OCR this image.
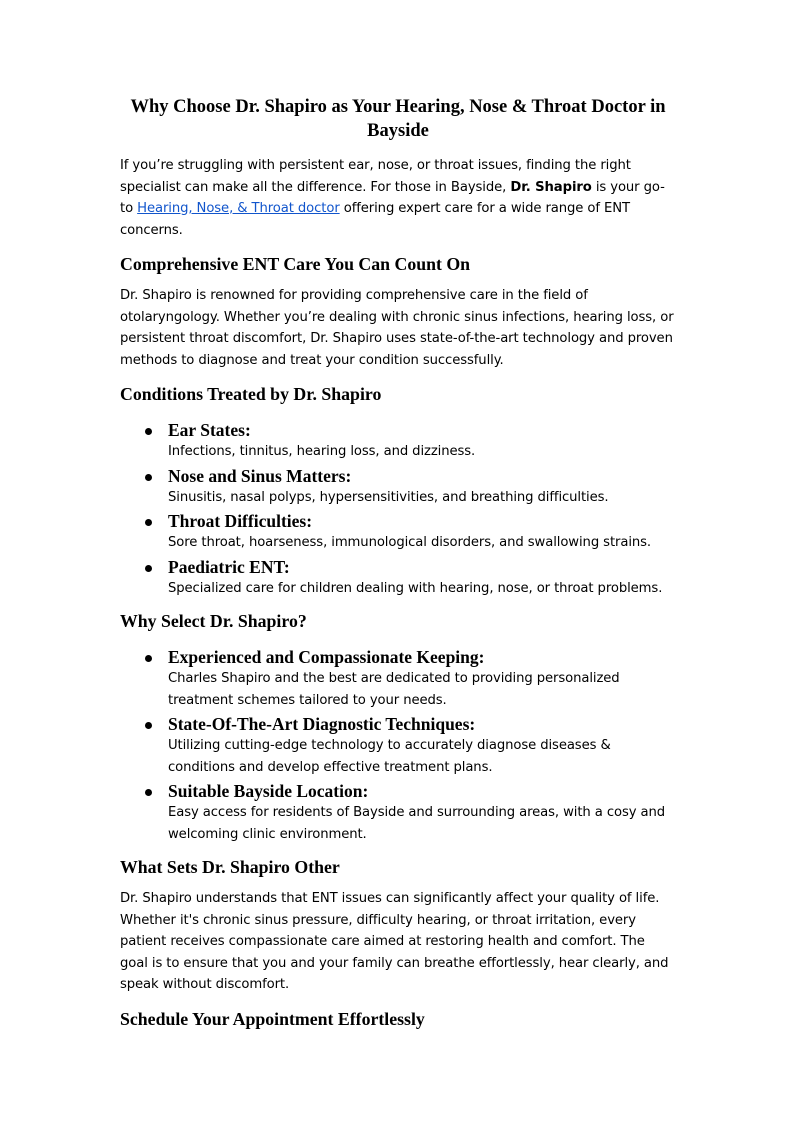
Why Choose Dr. Shapiro as Your Hearing, Nose & Throat Doctor in Bayside

If you’re struggling with persistent ear, nose, or throat issues, finding the right specialist can make all the difference. For those in Bayside, Dr. Shapiro is your go-to Hearing, Nose, & Throat doctor offering expert care for a wide range of ENT concerns.

Comprehensive ENT Care You Can Count On

Dr. Shapiro is renowned for providing comprehensive care in the field of otolaryngology. Whether you’re dealing with chronic sinus infections, hearing loss, or persistent throat discomfort, Dr. Shapiro uses state-of-the-art technology and proven methods to diagnose and treat your condition successfully.

Conditions Treated by Dr. Shapiro
Ear States:
Infections, tinnitus, hearing loss, and dizziness.
Nose and Sinus Matters:
Sinusitis, nasal polyps, hypersensitivities, and breathing difficulties.
Throat Difficulties:
Sore throat, hoarseness, immunological disorders, and swallowing strains.
Paediatric ENT:
Specialized care for children dealing with hearing, nose, or throat problems.
Why Select Dr. Shapiro?
Experienced and Compassionate Keeping:
Charles Shapiro and the best are dedicated to providing personalized treatment schemes tailored to your needs.
State-Of-The-Art Diagnostic Techniques:
Utilizing cutting-edge technology to accurately diagnose diseases & conditions and develop effective treatment plans.
Suitable Bayside Location:
Easy access for residents of Bayside and surrounding areas, with a cosy and welcoming clinic environment.
What Sets Dr. Shapiro Other

Dr. Shapiro understands that ENT issues can significantly affect your quality of life. Whether it's chronic sinus pressure, difficulty hearing, or throat irritation, every patient receives compassionate care aimed at restoring health and comfort. The goal is to ensure that you and your family can breathe effortlessly, hear clearly, and speak without discomfort.

Schedule Your Appointment Effortlessly
